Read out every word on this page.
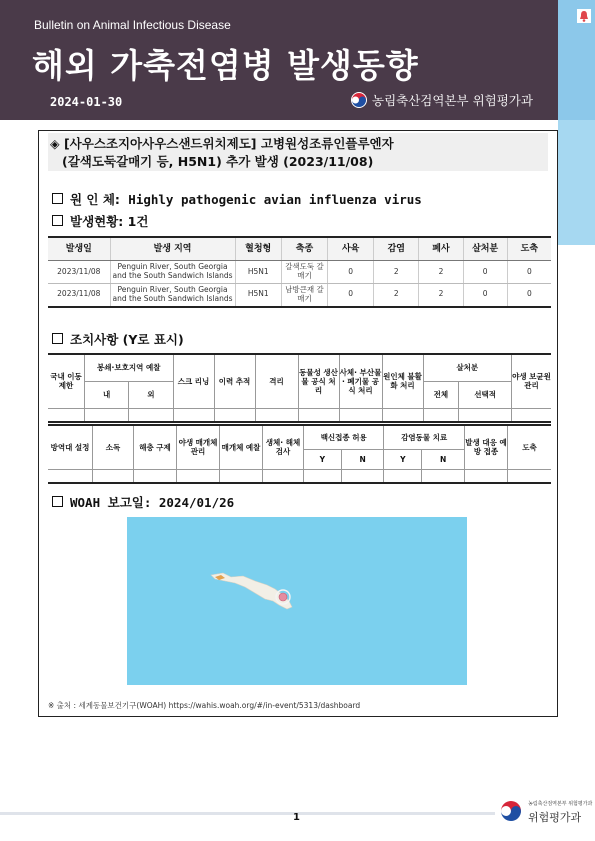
Bulletin on Animal Infectious Disease
해외 가축전염병 발생동향
2024-01-30	농림축산검역본부 위험평가과
◈ [사우스조지아사우스샌드위치제도] 고병원성조류인플루엔자
(갈색도둑갈매기 등, H5N1) 추가 발생 (2023/11/08)
원 인 체: Highly pathogenic avian influenza virus
발생현황: 1건
발생일	발생 지역	혈청형	축종	사육	감염	폐사	살처분	도축
2023/11/08	Penguin River, South Georgia and the South Sandwich Islands	H5N1	갈색도둑 갈매기	0	2	2	0	0
2023/11/08	Penguin River, South Georgia and the South Sandwich Islands	H5N1	남방큰재 갈매기	0	2	2	0	0
조치사항 (Y로 표시)
국내 이동 제한	봉쇄·보호지역 예찰		스크 리닝	이력 추적	격리	동물성 생산물 공식 처리	사체· 부산물· 폐기물 공식 처리	원인체 불활화 처리	살처분		야생 보균원 관리
	내	외							전체	선택적	

방역대 설정	소독	해충 구제	야생 매개체 관리	매개체 예찰	생체· 해체 검사	백신접종 허용		감염동물 치료		발생 대응 예방 접종	도축
						Y	N	Y	N		

WOAH 보고일: 2024/01/26
※ 출처 : 세계동물보건기구(WOAH) https://wahis.woah.org/#/in-event/5313/dashboard
1
농림축산검역본부 위험평가과
위험평가과
